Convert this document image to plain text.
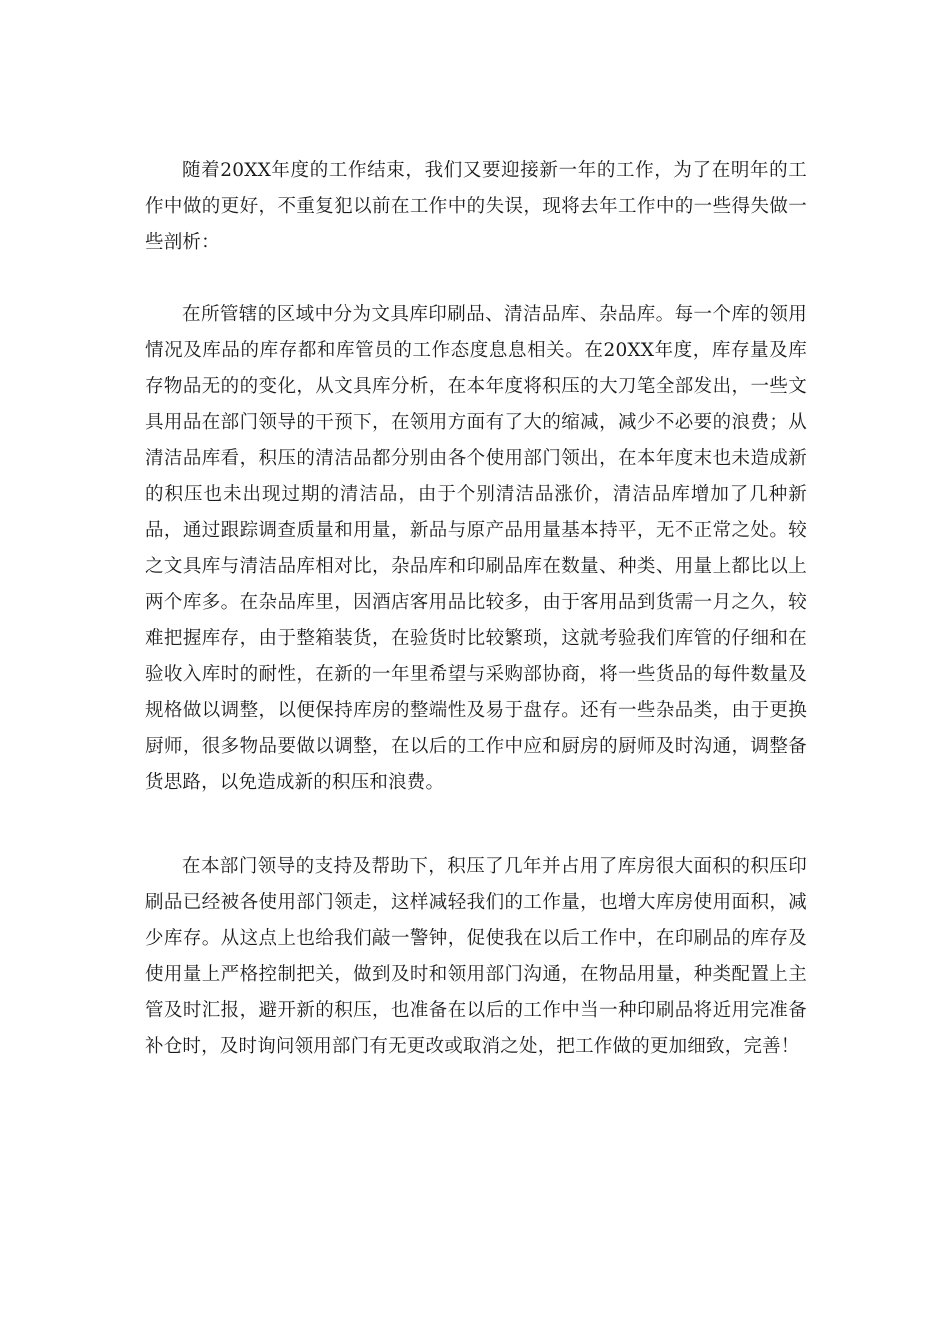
随着20XX年度的工作结束，我们又要迎接新一年的工作，为了在明年的工作中做的更好，不重复犯以前在工作中的失误，现将去年工作中的一些得失做一些剖析：

在所管辖的区域中分为文具库印刷品、清洁品库、杂品库。每一个库的领用情况及库品的库存都和库管员的工作态度息息相关。在20XX年度，库存量及库存物品无的的变化，从文具库分析，在本年度将积压的大刀笔全部发出，一些文具用品在部门领导的干预下，在领用方面有了大的缩减，减少不必要的浪费；从清洁品库看，积压的清洁品都分别由各个使用部门领出，在本年度末也未造成新的积压也未出现过期的清洁品，由于个别清洁品涨价，清洁品库增加了几种新品，通过跟踪调查质量和用量，新品与原产品用量基本持平，无不正常之处。较之文具库与清洁品库相对比，杂品库和印刷品库在数量、种类、用量上都比以上两个库多。在杂品库里，因酒店客用品比较多，由于客用品到货需一月之久，较难把握库存，由于整箱装货，在验货时比较繁琐，这就考验我们库管的仔细和在验收入库时的耐性，在新的一年里希望与采购部协商，将一些货品的每件数量及规格做以调整，以便保持库房的整端性及易于盘存。还有一些杂品类，由于更换厨师，很多物品要做以调整，在以后的工作中应和厨房的厨师及时沟通，调整备货思路，以免造成新的积压和浪费。

在本部门领导的支持及帮助下，积压了几年并占用了库房很大面积的积压印刷品已经被各使用部门领走，这样减轻我们的工作量，也增大库房使用面积，减少库存。从这点上也给我们敲一警钟，促使我在以后工作中，在印刷品的库存及使用量上严格控制把关，做到及时和领用部门沟通，在物品用量，种类配置上主管及时汇报，避开新的积压，也准备在以后的工作中当一种印刷品将近用完准备补仓时，及时询问领用部门有无更改或取消之处，把工作做的更加细致，完善！
